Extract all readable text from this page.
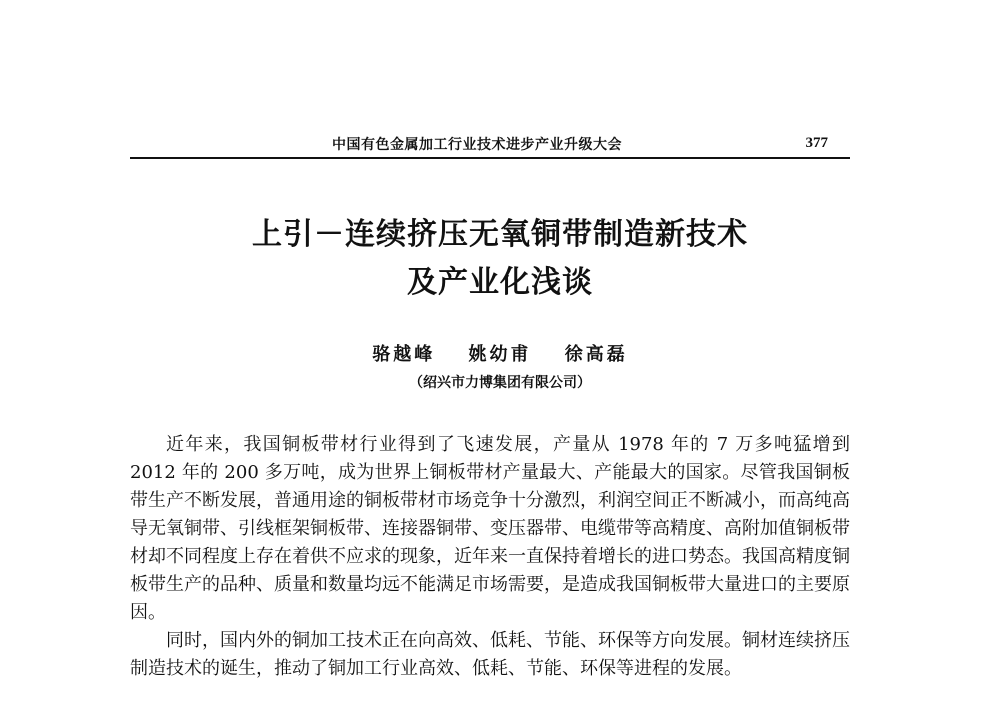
中国有色金属加工行业技术进步产业升级大会	377
上引－连续挤压无氧铜带制造新技术
及产业化浅谈
骆越峰 姚幼甫 徐高磊
（绍兴市力博集团有限公司）

近年来，我国铜板带材行业得到了飞速发展，产量从 1978 年的 7 万多吨猛增到 2012 年的 200 多万吨，成为世界上铜板带材产量最大、产能最大的国家。尽管我国铜板带生产不断发展，普通用途的铜板带材市场竞争十分激烈，利润空间正不断减小，而高纯高导无氧铜带、引线框架铜板带、连接器铜带、变压器带、电缆带等高精度、高附加值铜板带材却不同程度上存在着供不应求的现象，近年来一直保持着增长的进口势态。我国高精度铜板带生产的品种、质量和数量均远不能满足市场需要，是造成我国铜板带大量进口的主要原因。

同时，国内外的铜加工技术正在向高效、低耗、节能、环保等方向发展。铜材连续挤压制造技术的诞生，推动了铜加工行业高效、低耗、节能、环保等进程的发展。
